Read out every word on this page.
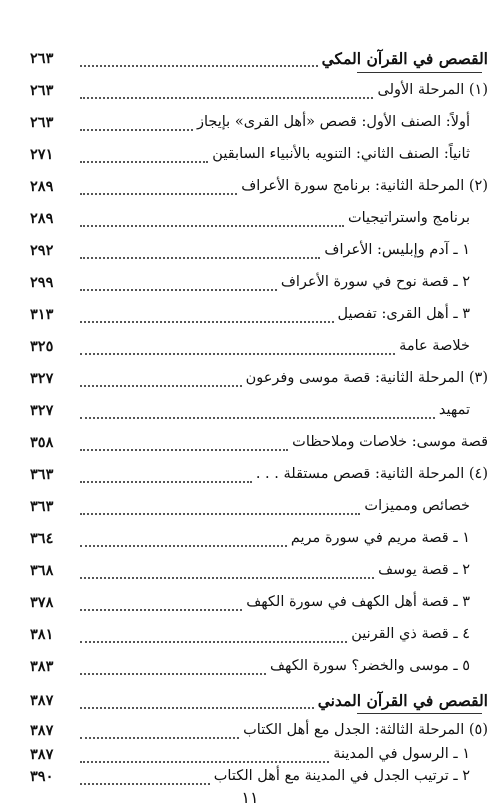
القصص في القرآن المكي
٢٦٣
(١) المرحلة الأولى
٢٦٣
أولاً: الصنف الأول: قصص «أهل القرى» بإيجاز
٢٦٣
ثانياً: الصنف الثاني: التنويه بالأنبياء السابقين
٢٧١
(٢) المرحلة الثانية: برنامج سورة الأعراف
٢٨٩
برنامج واستراتيجيات
٢٨٩
١ ـ آدم وإبليس: الأعراف
٢٩٢
٢ ـ قصة نوح في سورة الأعراف
٢٩٩
٣ ـ أهل القرى: تفصيل
٣١٣
خلاصة عامة
٣٢٥
(٣) المرحلة الثانية: قصة موسى وفرعون
٣٢٧
تمهيد
٣٢٧
قصة موسى: خلاصات وملاحظات
٣٥٨
(٤) المرحلة الثانية: قصص مستقلة . . .
٣٦٣
خصائص ومميزات
٣٦٣
١ ـ قصة مريم في سورة مريم
٣٦٤
٢ ـ قصة يوسف
٣٦٨
٣ ـ قصة أهل الكهف في سورة الكهف
٣٧٨
٤ ـ قصة ذي القرنين
٣٨١
٥ ـ موسى والخضر؟ سورة الكهف
٣٨٣
القصص في القرآن المدني
٣٨٧
(٥) المرحلة الثالثة: الجدل مع أهل الكتاب
٣٨٧
١ ـ الرسول في المدينة
٣٨٧
٢ ـ ترتيب الجدل في المدينة مع أهل الكتاب
٣٩٠
١١
